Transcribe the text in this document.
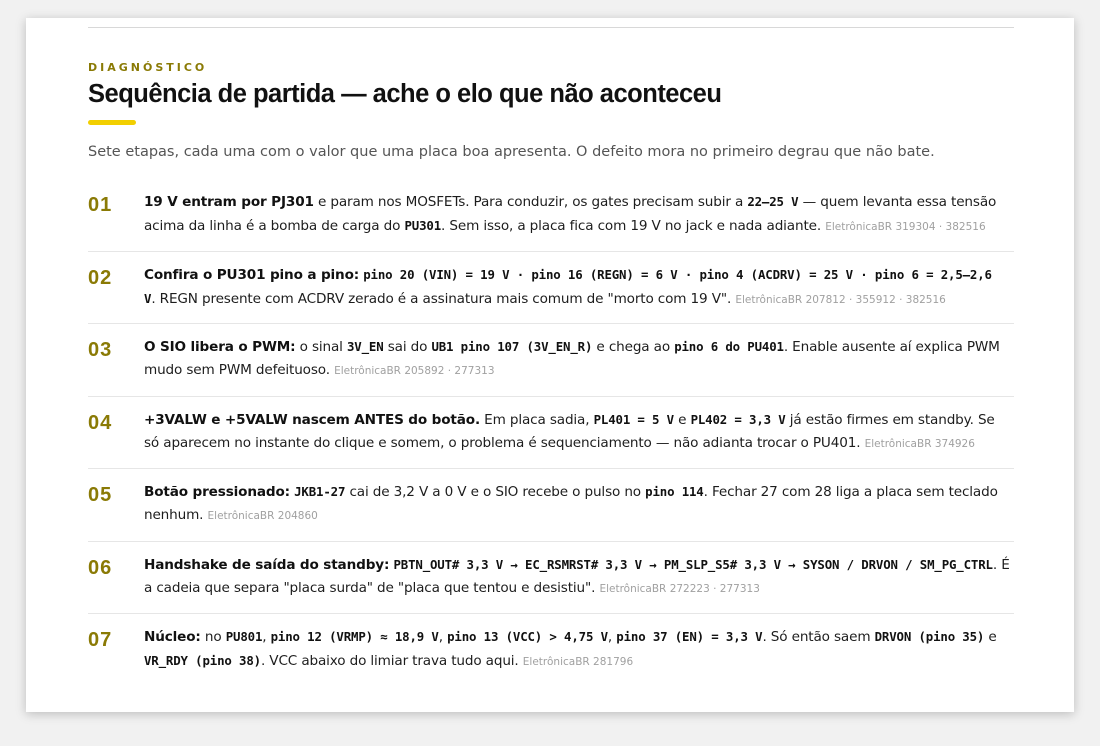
DIAGNÓSTICO
Sequência de partida — ache o elo que não aconteceu

Sete etapas, cada uma com o valor que uma placa boa apresenta. O defeito mora no primeiro degrau que não bate.

01 19 V entram por PJ301 e param nos MOSFETs. Para conduzir, os gates precisam subir a 22–25 V — quem levanta essa tensão acima da linha é a bomba de carga do PU301. Sem isso, a placa fica com 19 V no jack e nada adiante. EletrônicaBR 319304 · 382516

02 Confira o PU301 pino a pino: pino 20 (VIN) = 19 V · pino 16 (REGN) = 6 V · pino 4 (ACDRV) = 25 V · pino 6 = 2,5–2,6 V. REGN presente com ACDRV zerado é a assinatura mais comum de "morto com 19 V". EletrônicaBR 207812 · 355912 · 382516

03 O SIO libera o PWM: o sinal 3V_EN sai do UB1 pino 107 (3V_EN_R) e chega ao pino 6 do PU401. Enable ausente aí explica PWM mudo sem PWM defeituoso. EletrônicaBR 205892 · 277313

04 +3VALW e +5VALW nascem ANTES do botão. Em placa sadia, PL401 = 5 V e PL402 = 3,3 V já estão firmes em standby. Se só aparecem no instante do clique e somem, o problema é sequenciamento — não adianta trocar o PU401. EletrônicaBR 374926

05 Botão pressionado: JKB1-27 cai de 3,2 V a 0 V e o SIO recebe o pulso no pino 114. Fechar 27 com 28 liga a placa sem teclado nenhum. EletrônicaBR 204860

06 Handshake de saída do standby: PBTN_OUT# 3,3 V → EC_RSMRST# 3,3 V → PM_SLP_S5# 3,3 V → SYSON / DRVON / SM_PG_CTRL. É a cadeia que separa "placa surda" de "placa que tentou e desistiu". EletrônicaBR 272223 · 277313

07 Núcleo: no PU801, pino 12 (VRMP) ≈ 18,9 V, pino 13 (VCC) > 4,75 V, pino 37 (EN) = 3,3 V. Só então saem DRVON (pino 35) e VR_RDY (pino 38). VCC abaixo do limiar trava tudo aqui. EletrônicaBR 281796
